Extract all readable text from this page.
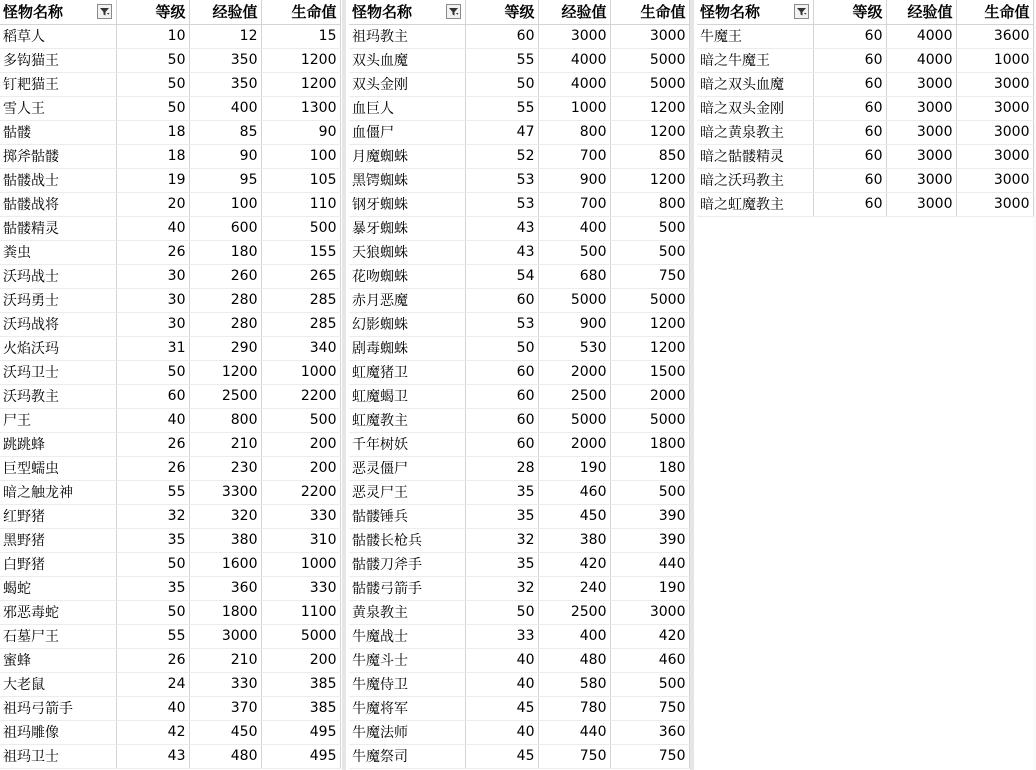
怪物名称	等级	经验值	生命值
稻草人	10	12	15
多钩猫王	50	350	1200
钉耙猫王	50	350	1200
雪人王	50	400	1300
骷髅	18	85	90
掷斧骷髅	18	90	100
骷髅战士	19	95	105
骷髅战将	20	100	110
骷髅精灵	40	600	500
粪虫	26	180	155
沃玛战士	30	260	265
沃玛勇士	30	280	285
沃玛战将	30	280	285
火焰沃玛	31	290	340
沃玛卫士	50	1200	1000
沃玛教主	60	2500	2200
尸王	40	800	500
跳跳蜂	26	210	200
巨型蠕虫	26	230	200
暗之触龙神	55	3300	2200
红野猪	32	320	330
黑野猪	35	380	310
白野猪	50	1600	1000
蝎蛇	35	360	330
邪恶毒蛇	50	1800	1100
石墓尸王	55	3000	5000
蜜蜂	26	210	200
大老鼠	24	330	385
祖玛弓箭手	40	370	385
祖玛雕像	42	450	495
祖玛卫士	43	480	495
怪物名称	等级	经验值	生命值
祖玛教主	60	3000	3000
双头血魔	55	4000	5000
双头金刚	50	4000	5000
血巨人	55	1000	1200
血僵尸	47	800	1200
月魔蜘蛛	52	700	850
黑锷蜘蛛	53	900	1200
钢牙蜘蛛	53	700	800
暴牙蜘蛛	43	400	500
天狼蜘蛛	43	500	500
花吻蜘蛛	54	680	750
赤月恶魔	60	5000	5000
幻影蜘蛛	53	900	1200
剧毒蜘蛛	50	530	1200
虹魔猪卫	60	2000	1500
虹魔蝎卫	60	2500	2000
虹魔教主	60	5000	5000
千年树妖	60	2000	1800
恶灵僵尸	28	190	180
恶灵尸王	35	460	500
骷髅锤兵	35	450	390
骷髅长枪兵	32	380	390
骷髅刀斧手	35	420	440
骷髅弓箭手	32	240	190
黄泉教主	50	2500	3000
牛魔战士	33	400	420
牛魔斗士	40	480	460
牛魔侍卫	40	580	500
牛魔将军	45	780	750
牛魔法师	40	440	360
牛魔祭司	45	750	750
怪物名称	等级	经验值	生命值
牛魔王	60	4000	3600
暗之牛魔王	60	4000	1000
暗之双头血魔	60	3000	3000
暗之双头金刚	60	3000	3000
暗之黄泉教主	60	3000	3000
暗之骷髅精灵	60	3000	3000
暗之沃玛教主	60	3000	3000
暗之虹魔教主	60	3000	3000
